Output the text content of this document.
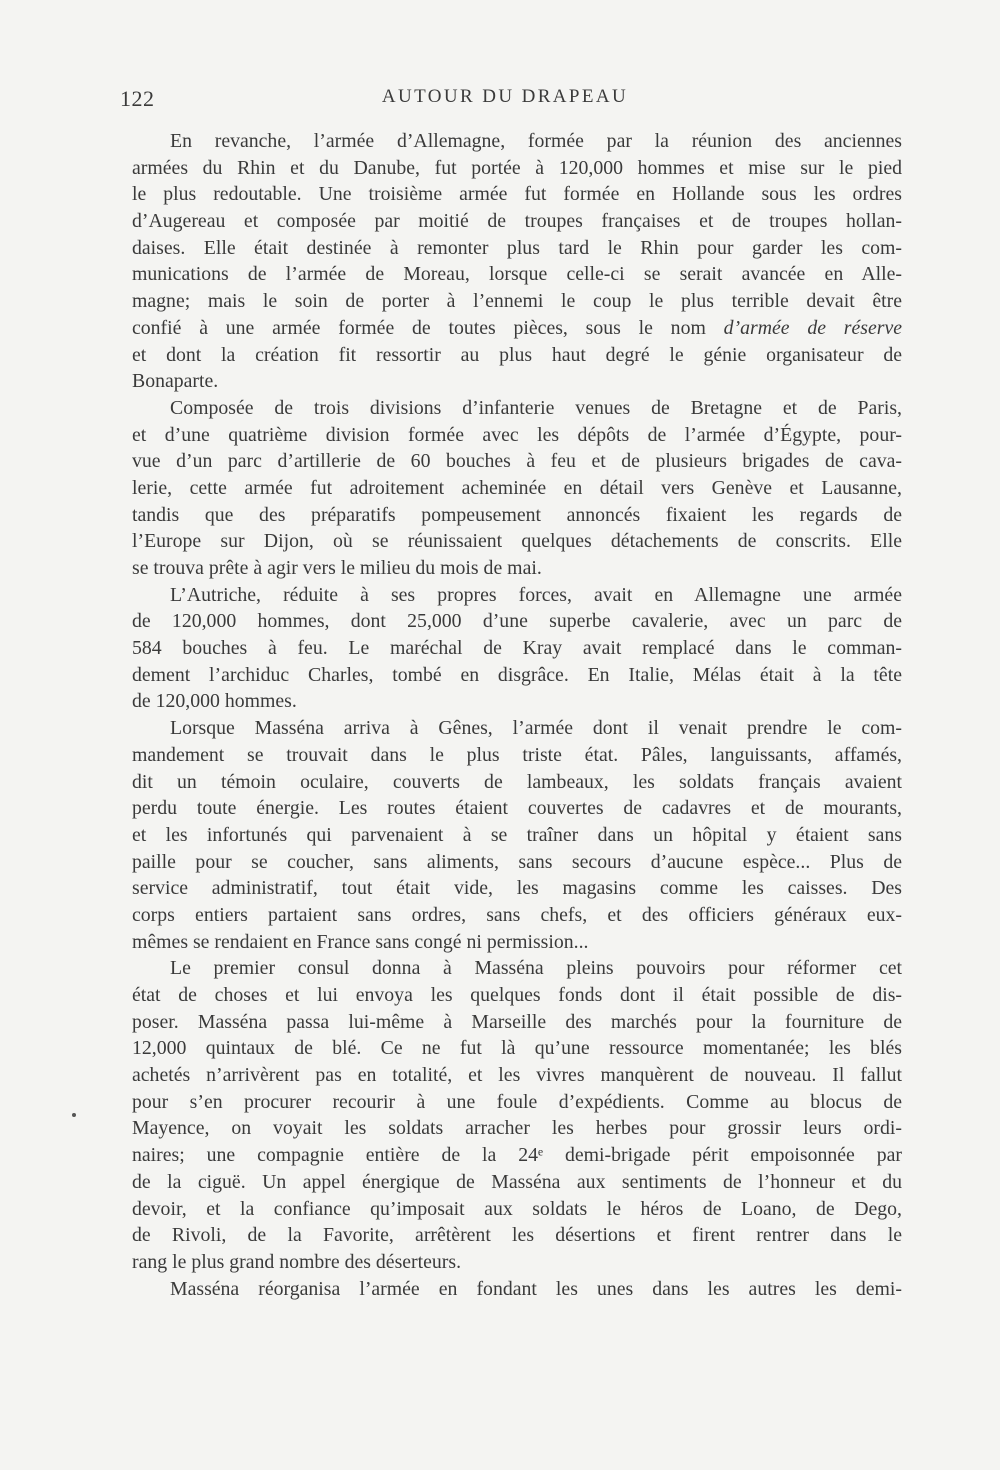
122	AUTOUR DU DRAPEAU
En revanche, l’armée d’Allemagne, formée par la réunion des anciennes
armées du Rhin et du Danube, fut portée à 120,000 hommes et mise sur le pied
le plus redoutable. Une troisième armée fut formée en Hollande sous les ordres
d’Augereau et composée par moitié de troupes françaises et de troupes hollan-
daises. Elle était destinée à remonter plus tard le Rhin pour garder les com-
munications de l’armée de Moreau, lorsque celle-ci se serait avancée en Alle-
magne; mais le soin de porter à l’ennemi le coup le plus terrible devait être
confié à une armée formée de toutes pièces, sous le nom d’armée de réserve
et dont la création fit ressortir au plus haut degré le génie organisateur de
Bonaparte.
Composée de trois divisions d’infanterie venues de Bretagne et de Paris,
et d’une quatrième division formée avec les dépôts de l’armée d’Égypte, pour-
vue d’un parc d’artillerie de 60 bouches à feu et de plusieurs brigades de cava-
lerie, cette armée fut adroitement acheminée en détail vers Genève et Lausanne,
tandis que des préparatifs pompeusement annoncés fixaient les regards de
l’Europe sur Dijon, où se réunissaient quelques détachements de conscrits. Elle
se trouva prête à agir vers le milieu du mois de mai.
L’Autriche, réduite à ses propres forces, avait en Allemagne une armée
de 120,000 hommes, dont 25,000 d’une superbe cavalerie, avec un parc de
584 bouches à feu. Le maréchal de Kray avait remplacé dans le comman-
dement l’archiduc Charles, tombé en disgrâce. En Italie, Mélas était à la tête
de 120,000 hommes.
Lorsque Masséna arriva à Gênes, l’armée dont il venait prendre le com-
mandement se trouvait dans le plus triste état. Pâles, languissants, affamés,
dit un témoin oculaire, couverts de lambeaux, les soldats français avaient
perdu toute énergie. Les routes étaient couvertes de cadavres et de mourants,
et les infortunés qui parvenaient à se traîner dans un hôpital y étaient sans
paille pour se coucher, sans aliments, sans secours d’aucune espèce... Plus de
service administratif, tout était vide, les magasins comme les caisses. Des
corps entiers partaient sans ordres, sans chefs, et des officiers généraux eux-
mêmes se rendaient en France sans congé ni permission...
Le premier consul donna à Masséna pleins pouvoirs pour réformer cet
état de choses et lui envoya les quelques fonds dont il était possible de dis-
poser. Masséna passa lui-même à Marseille des marchés pour la fourniture de
12,000 quintaux de blé. Ce ne fut là qu’une ressource momentanée; les blés
achetés n’arrivèrent pas en totalité, et les vivres manquèrent de nouveau. Il fallut
pour s’en procurer recourir à une foule d’expédients. Comme au blocus de
Mayence, on voyait les soldats arracher les herbes pour grossir leurs ordi-
naires; une compagnie entière de la 24ᵉ demi-brigade périt empoisonnée par
de la ciguë. Un appel énergique de Masséna aux sentiments de l’honneur et du
devoir, et la confiance qu’imposait aux soldats le héros de Loano, de Dego,
de Rivoli, de la Favorite, arrêtèrent les désertions et firent rentrer dans le
rang le plus grand nombre des déserteurs.
Masséna réorganisa l’armée en fondant les unes dans les autres les demi-
